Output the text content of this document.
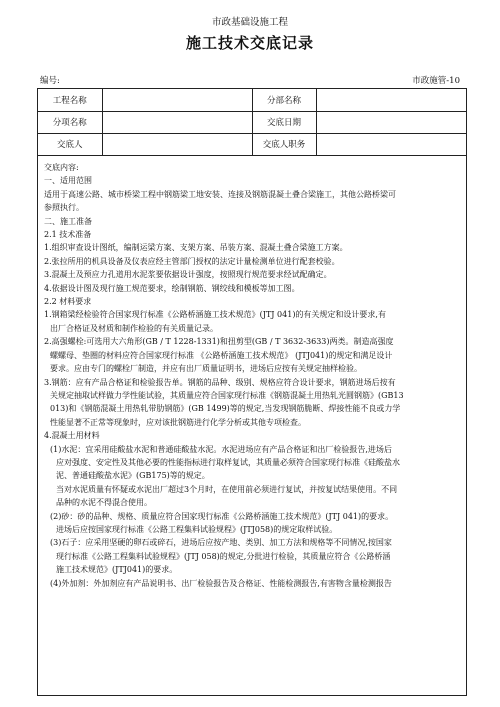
市政基础设施工程
施工技术交底记录
编号:	市政施管-10
工程名称		分部名称	
分项名称		交底日期	
交底人		交底人职务	

交底内容:

一、适用范围

适用于高速公路、城市桥梁工程中钢筋梁工地安装、连接及钢筋混凝土叠合梁施工，其他公路桥梁可

参照执行。

二、施工准备

2.1 技术准备

1.组织审查设计图纸，编制运梁方案、支架方案、吊装方案、混凝土叠合梁施工方案。

2.张拉所用的机具设备及仪表应经主管部门授权的法定计量检测单位进行配套校验。

3.混凝土及预应力孔道用水泥浆要依据设计强度，按照现行规范要求经试配确定。

4.依据设计图及现行施工规范要求，绘制钢筋、钢绞线和模板等加工图。

2.2 材料要求

1.钢箱梁经检验符合国家现行标准《公路桥涵施工技术规范》(JTJ 041)的有关规定和设计要求,有

出厂合格证及材质和制作检验的有关质量记录。

2.高强螺栓:可选用大六角形(GB / T 1228-1331)和扭剪型(GB / T 3632-3633)两类。制造高强度

螺螺母、垫圈的材料应符合国家现行标准 《公路桥涵施工技术规范》 (JTJ041)的规定和满足设计

要求。应由专门的螺栓厂制造，并应有出厂质量证明书，进场后应按有关规定抽样检验。

3.钢筋：应有产品合格证和检验报告单。钢筋的品种、级别、规格应符合设计要求，钢筋进场后按有

关规定抽取试样做力学性能试验，其质量应符合国家现行标准《钢筋混凝土用热轧光圆钢筋》(GB13

013)和《钢筋混凝土用热轧带肋钢筋》(GB 1499)等的规定,当发现钢筋脆断、焊接性能不良或力学

性能显著不正常等现象时，应对该批钢筋进行化学分析或其他专项检查。

4.混凝土用材料

(1)水泥：宜采用硅酸盐水泥和普通硅酸盐水泥。水泥进场应有产品合格证和出厂检验报告,进场后

应对强度、安定性及其他必要的性能指标进行取样复试，其质量必须符合国家现行标准《硅酸盐水

泥、普通硅酸盐水泥》(GB175)等的规定。

当对水泥质量有怀疑或水泥出厂超过3个月时，在使用前必须进行复试，并按复试结果使用。不同

品种的水泥不得混合使用。

(2)砂：砂的品种、规格、质量应符合国家现行标准《公路桥涵施工技术规范》(JTJ 041)的要求。

进场后应按国家现行标准《公路工程集料试验规程》(JTJ058)的规定取样试验。

(3)石子：应采用坚硬的卵石或碎石，进场后应按产地、类别、加工方法和规格等不同情况,按国家

现行标准《公路工程集料试验规程》(JTJ 058)的规定,分批进行检验，其质量应符合《公路桥涵

施工技术规范》(JTJ041)的要求。

(4)外加剂：外加剂应有产品说明书、出厂检验报告及合格证、性能检测报告,有害物含量检测报告
